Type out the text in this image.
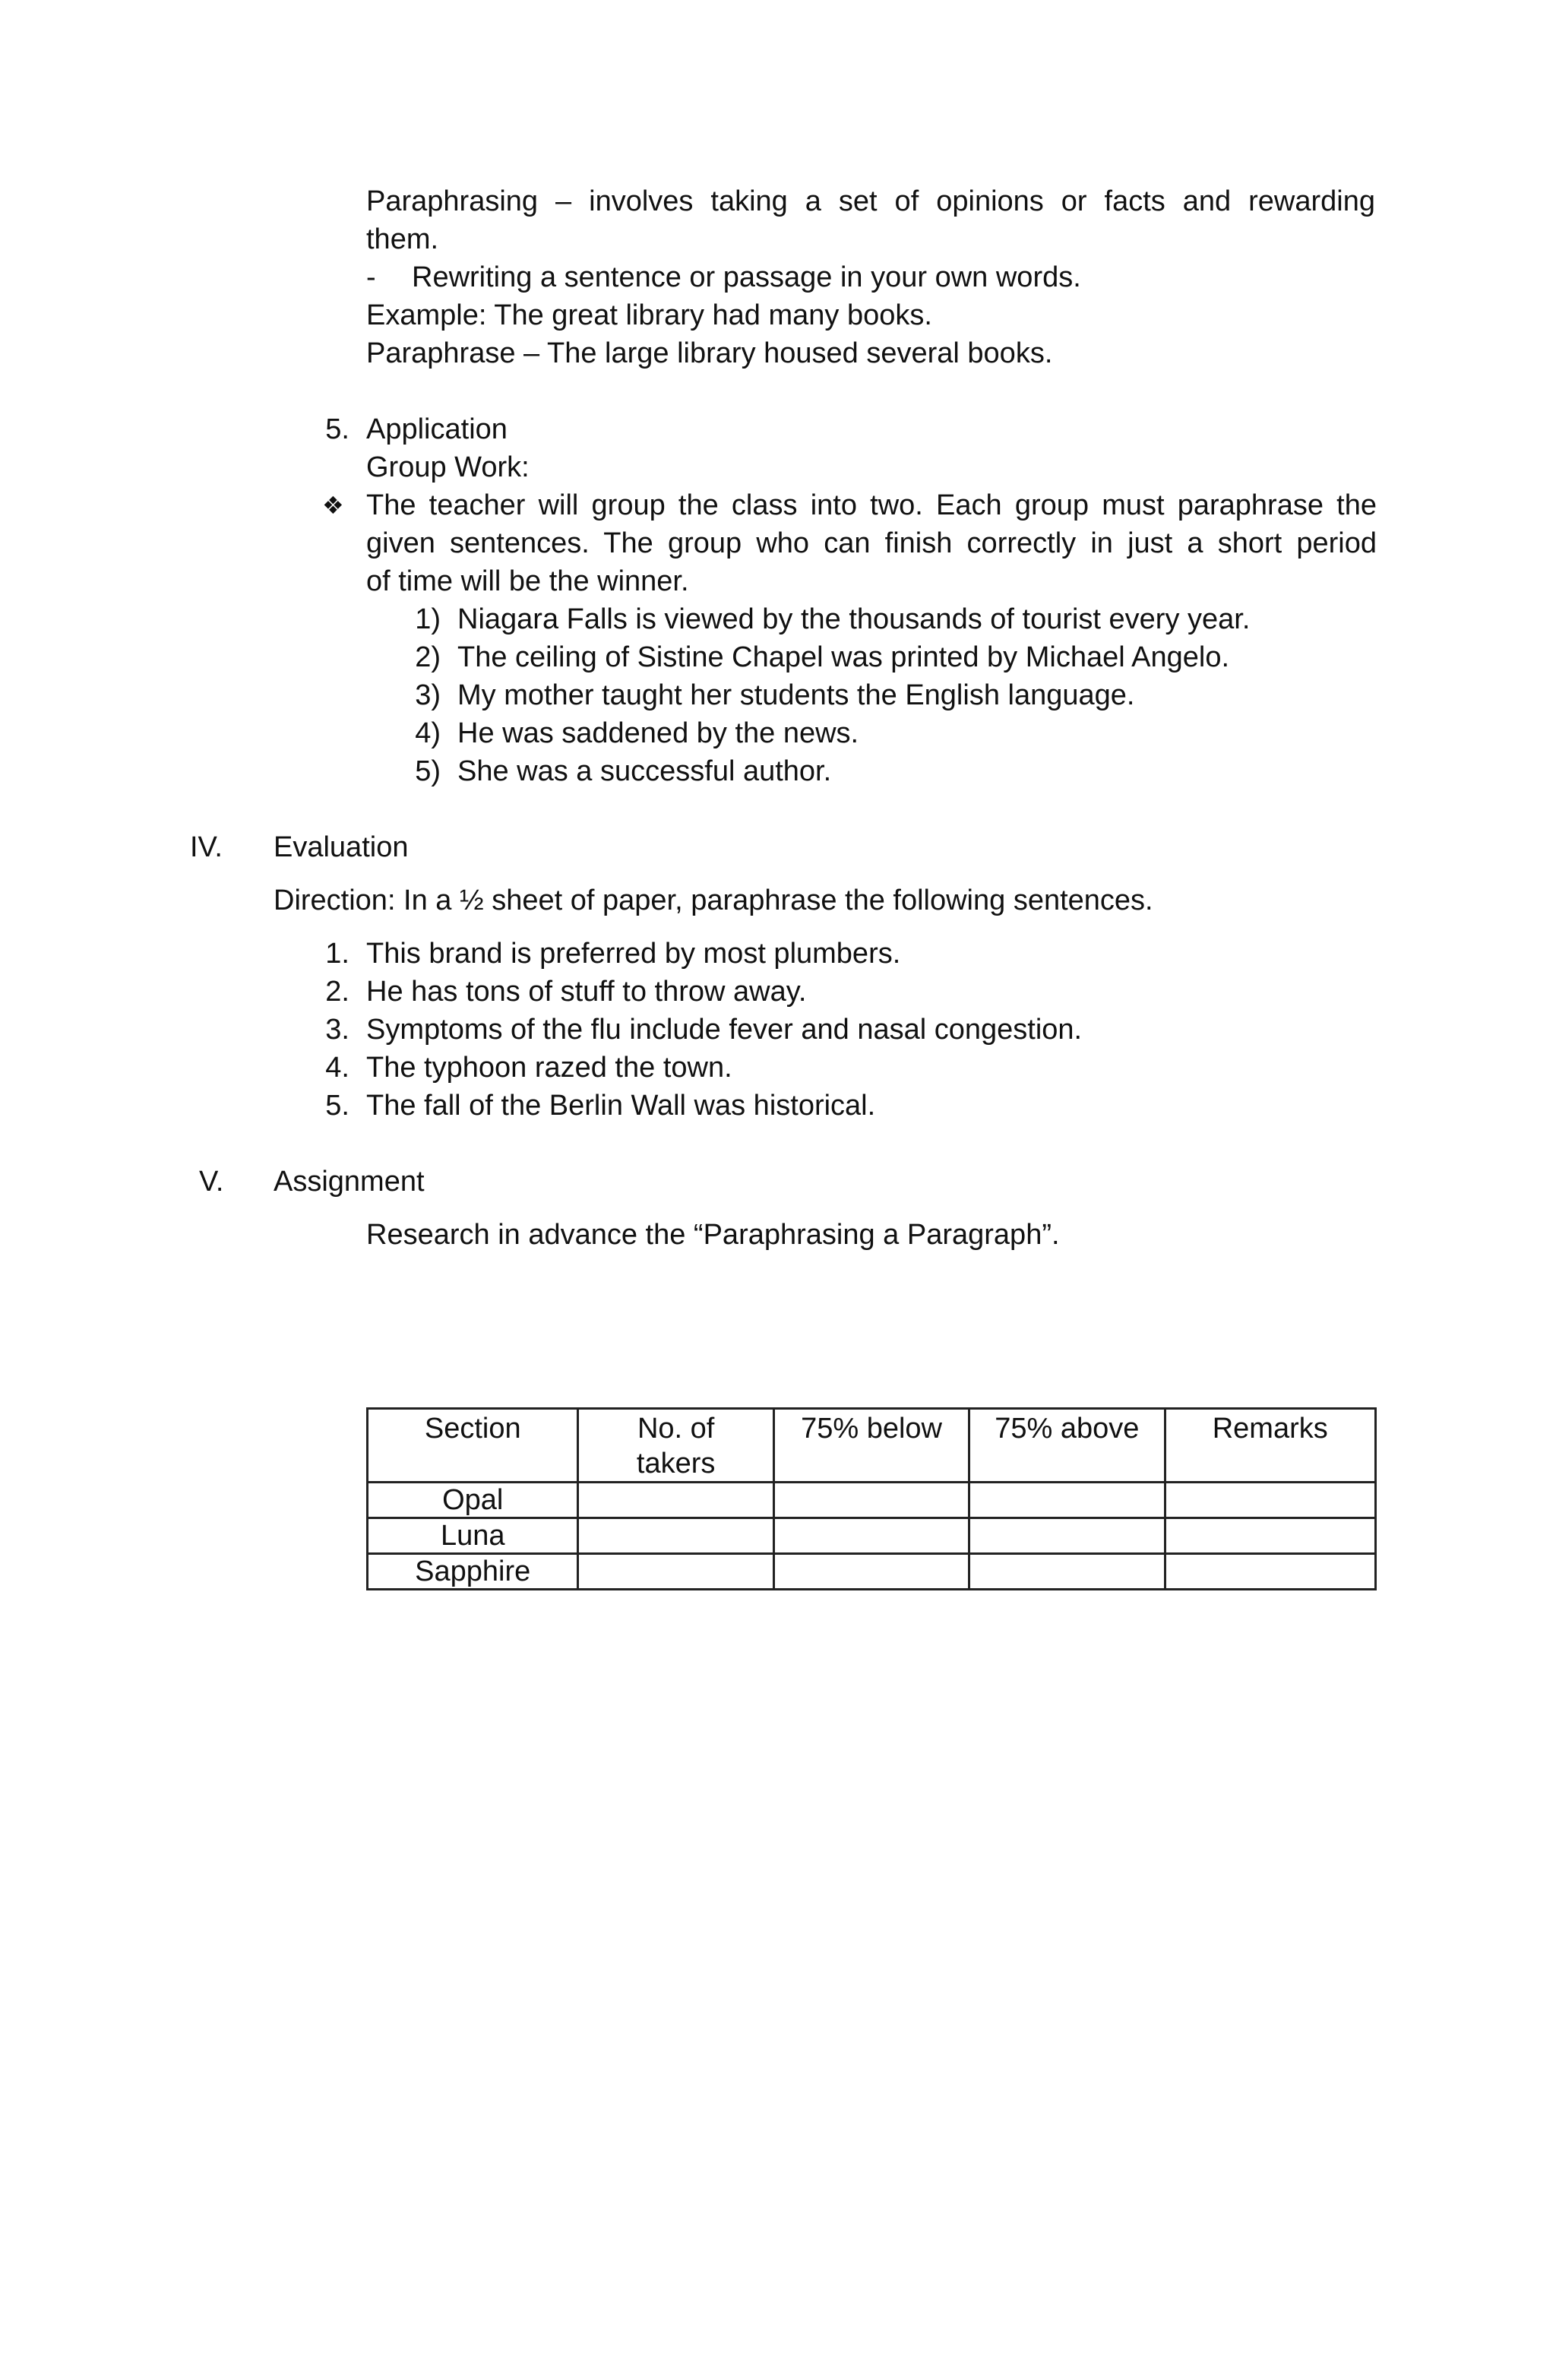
Paraphrasing – involves taking a set of opinions or facts and rewarding
them.
- Rewriting a sentence or passage in your own words.
Example: The great library had many books.
Paraphrase – The large library housed several books.
5. Application
Group Work:
❖ The teacher will group the class into two. Each group must paraphrase the
given sentences. The group who can finish correctly in just a short period
of time will be the winner.
1) Niagara Falls is viewed by the thousands of tourist every year.
2) The ceiling of Sistine Chapel was printed by Michael Angelo.
3) My mother taught her students the English language.
4) He was saddened by the news.
5) She was a successful author.
IV. Evaluation
Direction: In a ½ sheet of paper, paraphrase the following sentences.
1. This brand is preferred by most plumbers.
2. He has tons of stuff to throw away.
3. Symptoms of the flu include fever and nasal congestion.
4. The typhoon razed the town.
5. The fall of the Berlin Wall was historical.
V. Assignment
Research in advance the “Paraphrasing a Paragraph”.
Section	No. of takers	75% below	75% above	Remarks
Opal				
Luna				
Sapphire				
